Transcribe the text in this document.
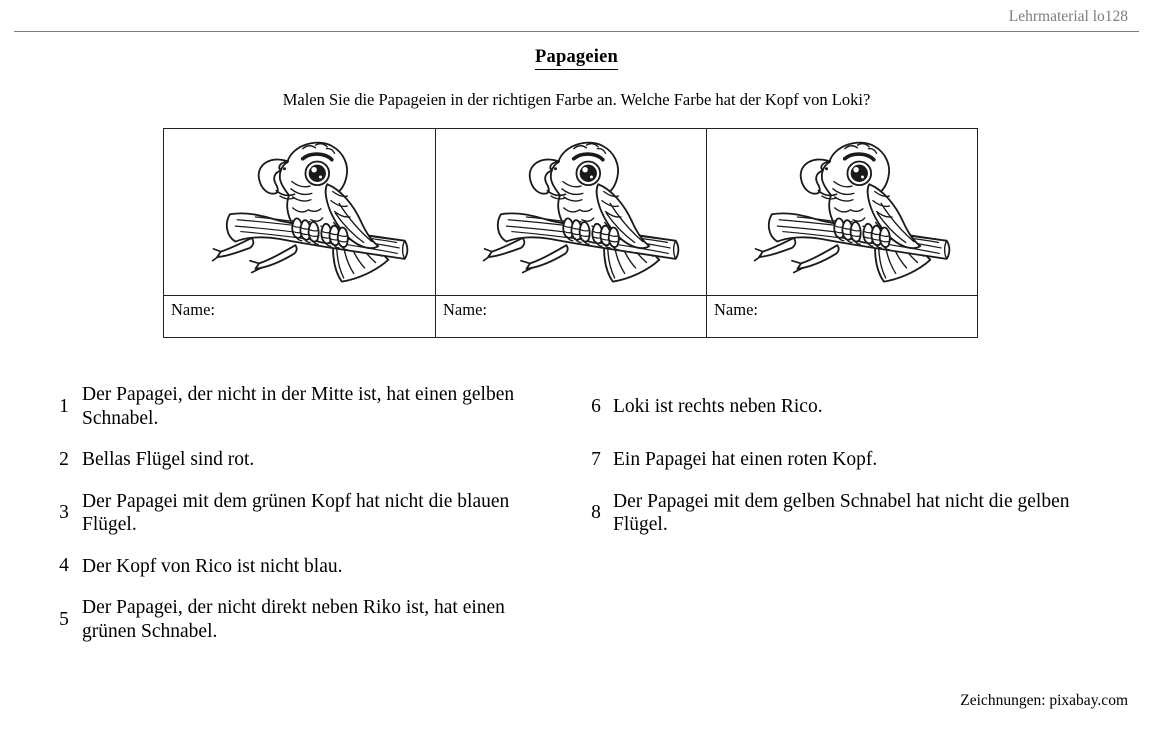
Lehrmaterial lo128
Papageien
Malen Sie die Papageien in der richtigen Farbe an. Welche Farbe hat der Kopf von Loki?
Name:	Name:	Name:
1
Der Papagei, der nicht in der Mitte ist, hat einen gelben Schnabel.
6 Loki ist rechts neben Rico.
2 Bellas Flügel sind rot.	7 Ein Papagei hat einen roten Kopf.
3
Der Papagei mit dem grünen Kopf hat nicht die blauen Flügel.
8
Der Papagei mit dem gelben Schnabel hat nicht die gelben Flügel.
4 Der Kopf von Rico ist nicht blau.
5
Der Papagei, der nicht direkt neben Riko ist, hat einen grünen Schnabel.
Zeichnungen: pixabay.com
